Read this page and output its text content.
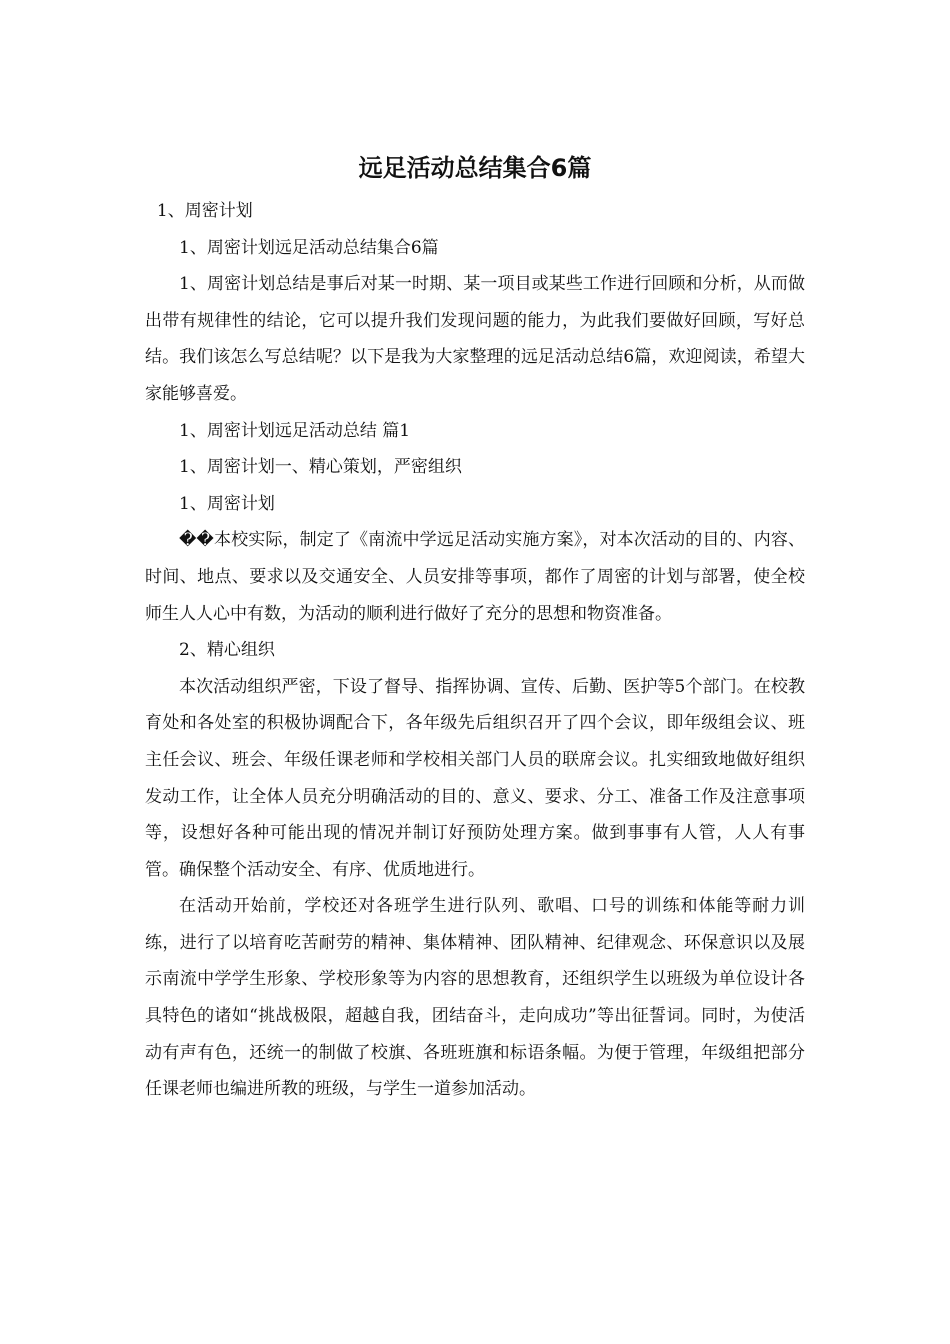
远足活动总结集合6篇

1、周密计划

1、周密计划远足活动总结集合6篇

1、周密计划总结是事后对某一时期、某一项目或某些工作进行回顾和分析，从而做出带有规律性的结论，它可以提升我们发现问题的能力，为此我们要做好回顾，写好总结。我们该怎么写总结呢？以下是我为大家整理的远足活动总结6篇，欢迎阅读，希望大家能够喜爱。

1、周密计划远足活动总结 篇1

1、周密计划一、精心策划，严密组织

1、周密计划

��本校实际，制定了《南流中学远足活动实施方案》，对本次活动的目的、内容、时间、地点、要求以及交通安全、人员安排等事项，都作了周密的计划与部署，使全校师生人人心中有数，为活动的顺利进行做好了充分的思想和物资准备。

2、精心组织

本次活动组织严密，下设了督导、指挥协调、宣传、后勤、医护等5个部门。在校教育处和各处室的积极协调配合下，各年级先后组织召开了四个会议，即年级组会议、班主任会议、班会、年级任课老师和学校相关部门人员的联席会议。扎实细致地做好组织发动工作，让全体人员充分明确活动的目的、意义、要求、分工、准备工作及注意事项等，设想好各种可能出现的情况并制订好预防处理方案。做到事事有人管，人人有事管。确保整个活动安全、有序、优质地进行。

在活动开始前，学校还对各班学生进行队列、歌唱、口号的训练和体能等耐力训练，进行了以培育吃苦耐劳的精神、集体精神、团队精神、纪律观念、环保意识以及展示南流中学学生形象、学校形象等为内容的思想教育，还组织学生以班级为单位设计各具特色的诸如“挑战极限，超越自我，团结奋斗，走向成功”等出征誓词。同时，为使活动有声有色，还统一的制做了校旗、各班班旗和标语条幅。为便于管理，年级组把部分任课老师也编进所教的班级，与学生一道参加活动。
